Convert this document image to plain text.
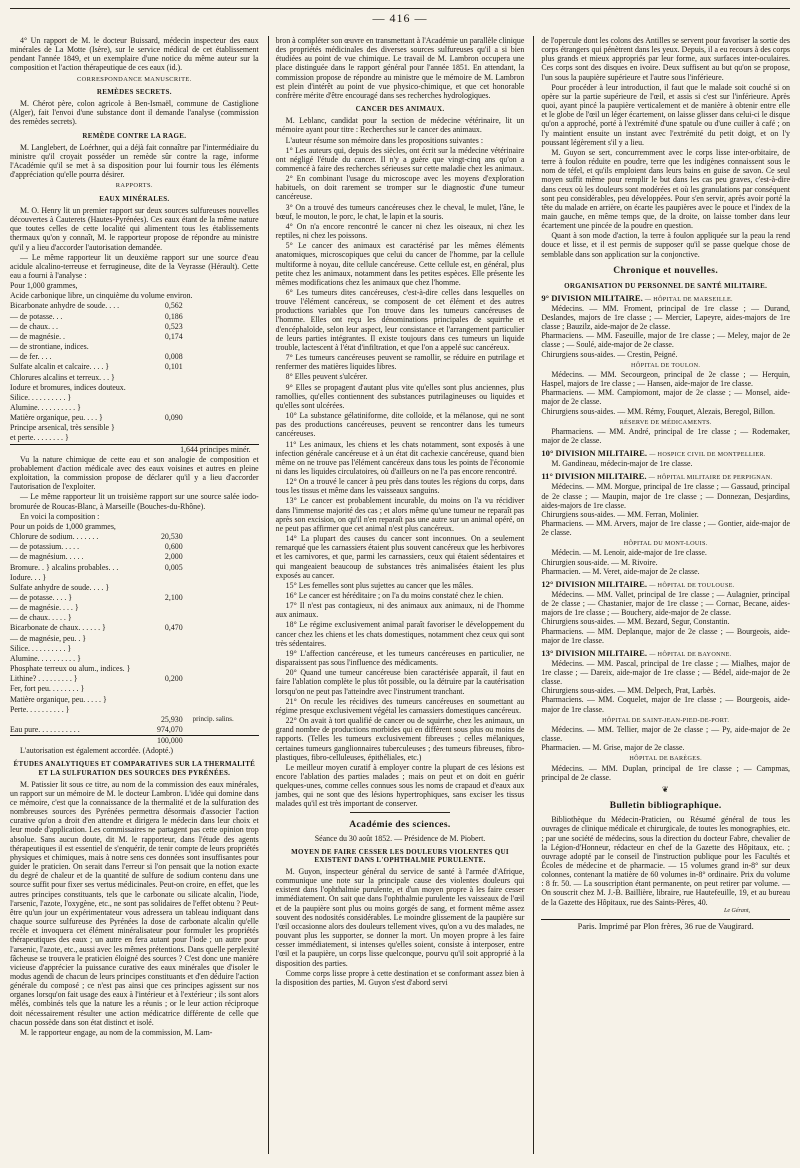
— 416 —

4° Un rapport de M. le docteur Buissard, médecin inspecteur des eaux minérales de La Motte (Isère), sur le service médical de cet établissement pendant l'année 1849, et un exemplaire d'une notice du même auteur sur la composition et l'action thérapeutique de ces eaux (id.).

CORRESPONDANCE MANUSCRITE.
REMÈDES SECRETS.

M. Chérot père, colon agricole à Ben-Ismaël, commune de Castiglione (Alger), fait l'envoi d'une substance dont il demande l'analyse (commission des remèdes secrets).

REMÈDE CONTRE LA RAGE.

M. Langlebert, de Loérhner, qui a déjà fait connaître par l'intermédiaire du ministre qu'il croyait posséder un remède sûr contre la rage, informe l'Académie qu'il se met à sa disposition pour lui fournir tous les éléments d'appréciation qu'elle pourra désirer.

RAPPORTS.
EAUX MINÉRALES.

M. O. Henry lit un premier rapport sur deux sources sulfureuses nouvelles découvertes à Cauterets (Hautes-Pyrénées). Ces eaux étant de la même nature que toutes celles de cette localité qui alimentent tous les établissements thermaux qu'on y connaît, M. le rapporteur propose de répondre au ministre qu'il y a lieu d'accorder l'autorisation demandée.

— Le même rapporteur lit un deuxième rapport sur une source d'eau acidule alcalino-terreuse et ferrugineuse, dite de la Veyrasse (Hérault). Cette eau a fourni à l'analyse :

Pour 1,000 grammes,

Acide carbonique libre, un cinquième du volume environ.
Bicarbonate anhydre de soude. . . .	0,562
— de potasse. . .	0,186
— de chaux. . .	0,523
— de magnésie. .	0,174
— de strontiane, indices.
— de fer. . . .	0,008
Sulfate alcalin et calcaire. . . . }	0,101
Chlorures alcalins et terreux. . . }
Iodure et bromures, indices douteux.
Silice. . . . . . . . . . }
Alumine. . . . . . . . . . }
Matière organique, peu. . . . }	0,090
Principe arsenical, très sensible }
et perte. . . . . . . . }
1,644 principes minér.

Vu la nature chimique de cette eau et son analogie de composition et probablement d'action médicale avec des eaux voisines et autres en pleine exploitation, la commission propose de déclarer qu'il y a lieu d'accorder l'autorisation de l'exploiter.

— Le même rapporteur lit un troisième rapport sur une source salée iodo-bromurée de Roucas-Blanc, à Marseille (Bouches-du-Rhône).

En voici la composition :

Pour un poids de 1,000 grammes,

Chlorure de sodium. . . . . . .	20,530
— de potassium. . . . .	0,600
— de magnésium. . . . .	2,000
Bromure. . } alcalins probables. . .	0,005
Iodure. . . }
Sulfate anhydre de soude. . . . }
— de potasse. . . . }	2,100
— de magnésie. . . . }
— de chaux. . . . . }
Bicarbonate de chaux. . . . . . }	0,470
— de magnésie, peu. . }
Silice. . . . . . . . . . }
Alumine. . . . . . . . . . }
Phosphate terreux ou alum., indices. }
Lithine? . . . . . . . . . }	0,200
Fer, fort peu. . . . . . . . }
Matière organique, peu. . . . . }
Perte. . . . . . . . . . }
25,930	princip. salins.
Eau pure. . . . . . . . . . .	974,070
100,000

L'autorisation est également accordée. (Adopté.)

ÉTUDES ANALYTIQUES ET COMPARATIVES SUR LA THERMALITÉ ET LA SULFURATION DES SOURCES DES PYRÉNÉES.

M. Patissier lit sous ce titre, au nom de la commission des eaux minérales, un rapport sur un mémoire de M. le docteur Lambron. L'idée qui domine dans ce mémoire, c'est que la connaissance de la thermalité et de la sulfuration des nombreuses sources des Pyrénées permettra désormais d'associer l'action curative qu'on a droit d'en attendre et dirigera le médecin dans leur choix et leur mode d'application. Les commissaires ne partagent pas cette opinion trop absolue. Sans aucun doute, dit M. le rapporteur, dans l'étude des agents thérapeutiques il est essentiel de s'enquérir, de tenir compte de leurs propriétés physiques et chimiques, mais à notre sens ces données sont insuffisantes pour guider le praticien. On serait dans l'erreur si l'on pensait que la notion exacte du degré de chaleur et de la quantité de sulfure de sodium contenu dans une source suffit pour fixer ses vertus médicinales. Peut-on croire, en effet, que les autres principes constituants, tels que le carbonate ou silicate alcalin, l'iode, l'arsenic, l'azote, l'oxygène, etc., ne sont pas solidaires de l'effet obtenu ? Peut-être qu'un jour un expérimentateur vous adressera un tableau indiquant dans chaque source sulfureuse des Pyrénées la dose de carbonate alcalin qu'elle recèle et invoquera cet élément minéralisateur pour formuler les propriétés thérapeutiques des eaux ; un autre en fera autant pour l'iode ; un autre pour l'arsenic, l'azote, etc., aussi avec les mêmes prétentions. Dans quelle perplexité fâcheuse se trouvera le praticien éloigné des sources ? C'est donc une manière vicieuse d'apprécier la puissance curative des eaux minérales que d'isoler le modus agendi de chacun de leurs principes constituants et d'en déduire l'action générale du composé ; ce n'est pas ainsi que ces principes agissent sur nos organes lorsqu'on fait usage des eaux à l'intérieur et à l'extérieur ; ils sont alors mêlés, combinés tels que la nature les a réunis ; or le leur action réciproque doit nécessairement résulter une action médicatrice différente de celle que chacun possède dans son état distinct et isolé.

M. le rapporteur engage, au nom de la commission, M. Lam-

bron à compléter son œuvre en transmettant à l'Académie un parallèle clinique des propriétés médicinales des diverses sources sulfureuses qu'il a si bien étudiées au point de vue chimique. Le travail de M. Lambron occupera une place distinguée dans le rapport général pour l'année 1851. En attendant, la commission propose de répondre au ministre que le mémoire de M. Lambron est plein d'intérêt au point de vue physico-chimique, et que cet honorable confrère mérite d'être encouragé dans ses recherches hydrologiques.

CANCER DES ANIMAUX.

M. Leblanc, candidat pour la section de médecine vétérinaire, lit un mémoire ayant pour titre : Recherches sur le cancer des animaux.

L'auteur résume son mémoire dans les propositions suivantes :

1° Les auteurs qui, depuis des siècles, ont écrit sur la médecine vétérinaire ont négligé l'étude du cancer. Il n'y a guère que vingt-cinq ans qu'on a commencé à faire des recherches sérieuses sur cette maladie chez les animaux.

2° En combinant l'usage du microscope avec les moyens d'exploration habituels, on doit rarement se tromper sur le diagnostic d'une tumeur cancéreuse.

3° On a trouvé des tumeurs cancéreuses chez le cheval, le mulet, l'âne, le bœuf, le mouton, le porc, le chat, le lapin et la souris.

4° On n'a encore rencontré le cancer ni chez les oiseaux, ni chez les reptiles, ni chez les poissons.

5° Le cancer des animaux est caractérisé par les mêmes éléments anatomiques, microscopiques que celui du cancer de l'homme, par la cellule multiforme à noyau, dite cellule cancéreuse. Cette cellule est, en général, plus petite chez les animaux, notamment dans les petites espèces. Elle présente les mêmes modifications chez les animaux que chez l'homme.

6° Les tumeurs dites cancéreuses, c'est-à-dire celles dans lesquelles on trouve l'élément cancéreux, se composent de cet élément et des autres productions variables que l'on trouve dans les tumeurs cancéreuses de l'homme. Elles ont reçu les dénominations principales de squirrhe et d'encéphaloïde, selon leur aspect, leur consistance et l'arrangement particulier de leurs parties intégrantes. Il existe toujours dans ces tumeurs un liquide trouble, lactescent à l'état d'infiltration, et que l'on a appelé suc cancéreux.

7° Les tumeurs cancéreuses peuvent se ramollir, se réduire en putrilage et renfermer des matières liquides libres.

8° Elles peuvent s'ulcérer.

9° Elles se propagent d'autant plus vite qu'elles sont plus anciennes, plus ramollies, qu'elles contiennent des substances putrilagineuses ou liquides et qu'elles sont ulcérées.

10° La substance gélatiniforme, dite colloïde, et la mélanose, qui ne sont pas des productions cancéreuses, peuvent se rencontrer dans les tumeurs cancéreuses.

11° Les animaux, les chiens et les chats notamment, sont exposés à une infection générale cancéreuse et à un état dit cachexie cancéreuse, quand bien même on ne trouve pas l'élément cancéreux dans tous les points de l'économie ni dans les liquides circulatoires, où d'ailleurs on ne l'a pas encore rencontré.

12° On a trouvé le cancer à peu près dans toutes les régions du corps, dans tous les tissus et même dans les vaisseaux sanguins.

13° Le cancer est probablement incurable, du moins on l'a vu récidiver dans l'immense majorité des cas ; et alors même qu'une tumeur ne reparaît pas après son excision, on qu'il n'en reparaît pas une autre sur un animal opéré, on ne peut pas affirmer que cet animal n'est plus cancéreux.

14° La plupart des causes du cancer sont inconnues. On a seulement remarqué que les carnassiers étaient plus souvent cancéreux que les herbivores et les carnivores, et que, parmi les carnassiers, ceux qui étaient sédentaires et qui mangeaient beaucoup de substances très animalisées étaient les plus exposés au cancer.

15° Les femelles sont plus sujettes au cancer que les mâles.

16° Le cancer est héréditaire ; on l'a du moins constaté chez le chien.

17° Il n'est pas contagieux, ni des animaux aux animaux, ni de l'homme aux animaux.

18° Le régime exclusivement animal paraît favoriser le développement du cancer chez les chiens et les chats domestiques, notamment chez ceux qui sont très sédentaires.

19° L'affection cancéreuse, et les tumeurs cancéreuses en particulier, ne disparaissent pas sous l'influence des médicaments.

20° Quand une tumeur cancéreuse bien caractérisée apparaît, il faut en faire l'ablation complète le plus tôt possible, ou la détruire par la cautérisation lorsqu'on ne peut pas l'atteindre avec l'instrument tranchant.

21° On recule les récidives des tumeurs cancéreuses en soumettant au régime presque exclusivement végétal les carnassiers domestiques cancéreux.

22° On avait à tort qualifié de cancer ou de squirrhe, chez les animaux, un grand nombre de productions morbides qui en diffèrent sous plus ou moins de rapports. (Telles les tumeurs exclusivement fibreuses ; celles mélaniques, certaines tumeurs ganglionnaires tuberculeuses ; des tumeurs fibreuses, fibro-plastiques, fibro-celluleuses, épithéliales, etc.)

Le meilleur moyen curatif à employer contre la plupart de ces lésions est encore l'ablation des parties malades ; mais on peut et on doit en guérir quelques-unes, comme celles connues sous les noms de crapaud et d'eaux aux jambes, qui ne sont que des lésions hypertrophiques, sans exciser les tissus malades qu'il est très important de conserver.

Académie des sciences.

Séance du 30 août 1852. — Présidence de M. Piobert.

MOYEN DE FAIRE CESSER LES DOULEURS VIOLENTES QUI EXISTENT DANS L'OPHTHALMIE PURULENTE.

M. Guyon, inspecteur général du service de santé à l'armée d'Afrique, communique une note sur la principale cause des violentes douleurs qui existent dans l'ophthalmie purulente, et d'un moyen propre à les faire cesser immédiatement. On sait que dans l'ophthalmie purulente les vaisseaux de l'œil et de la paupière sont plus ou moins gorgés de sang, et forment même assez souvent des nodosités considérables. Le moindre glissement de la paupière sur l'œil occasionne alors des douleurs tellement vives, qu'on a vu des malades, ne pouvant plus les supporter, se donner la mort. Un moyen propre à les faire cesser immédiatement, si intenses qu'elles soient, consiste à interposer, entre l'œil et la paupière, un corps lisse quelconque, pourvu qu'il soit approprié à la disposition des parties.

Comme corps lisse propre à cette destination et se conformant assez bien à la disposition des parties, M. Guyon s'est d'abord servi

de l'opercule dont les colons des Antilles se servent pour favoriser la sortie des corps étrangers qui pénètrent dans les yeux. Depuis, il a eu recours à des corps plus grands et mieux appropriés par leur forme, aux surfaces inter-oculaires. Ces corps sont des disques en ivoire. Deux suffisent au but qu'on se propose, l'un sous la paupière supérieure et l'autre sous l'inférieure.

Pour procéder à leur introduction, il faut que le malade soit couché si on opère sur la partie supérieure de l'œil, et assis si c'est sur l'inférieure. Après quoi, ayant pincé la paupière verticalement et de manière à obtenir entre elle et le globe de l'œil un léger écartement, on laisse glisser dans celui-ci le disque qu'on a approché, porté à l'extrémité d'une spatule ou d'une cuiller à café ; on l'y maintient ensuite un instant avec l'extrémité du petit doigt, et on l'y poussant légèrement s'il y a lieu.

M. Guyon se sert, concurremment avec le corps lisse inter-orbitaire, de terre à foulon réduite en poudre, terre que les indigènes connaissent sous le nom de téfel, et qu'ils emploient dans leurs bains en guise de savon. Ce seul moyen suffit même pour remplir le but dans les cas peu graves, c'est-à-dire dans ceux où les douleurs sont modérées et où les granulations par conséquent sont peu considérables, peu développées. Pour s'en servir, après avoir porté la tête du malade en arrière, on écarte les paupières avec le pouce et l'index de la main gauche, en même temps que, de la droite, on laisse tomber dans leur écartement une pincée de la poudre en question.

Quant à son mode d'action, la terre à foulon appliquée sur la peau la rend douce et lisse, et il est permis de supposer qu'il se passe quelque chose de semblable dans son application sur la conjonctive.

Chronique et nouvelles.
ORGANISATION DU PERSONNEL DE SANTÉ MILITAIRE.
9° DIVISION MILITAIRE. — HÔPITAL DE MARSEILLE.

Médecins. — MM. Froment, principal de 1re classe ; — Durand, Deslandes, majors de 1re classe ; — Mercier, Lapeyre, aides-majors de 1re classe ; Bauzilz, aide-major de 2e classe.
Pharmaciens. — MM. Faseuille, major de 1re classe ; — Meley, major de 2e classe ; — Soulé, aide-major de 2e classe.
Chirurgiens sous-aides. — Crestin, Peigné.

HÔPITAL DE TOULON.

Médecins. — MM. Secourgeon, principal de 2e classe ; — Herquin, Haspel, majors de 1re classe ; — Hansen, aide-major de 1re classe.
Pharmaciens. — MM. Campiomont, major de 2e classe ; — Monsel, aide-major de 2e classe.
Chirurgiens sous-aides. — MM. Rémy, Fouquet, Alezais, Beregol, Billon.

RÉSERVE DE MÉDICAMENTS.

Pharmaciens. — MM. André, principal de 1re classe ; — Rodemaker, major de 2e classe.

10° DIVISION MILITAIRE. — HOSPICE CIVIL DE MONTPELLIER.

M. Gandineau, médecin-major de 1re classe.

11° DIVISION MILITAIRE. — HÔPITAL MILITAIRE DE PERPIGNAN.

Médecins. — MM. Morgue, principal de 1re classe ; — Gassaud, principal de 2e classe ; — Maupin, major de 1re classe ; — Donnezan, Desjardins, aides-majors de 1re classe.
Chirurgiens sous-aides. — MM. Ferran, Molinier.
Pharmaciens. — MM. Arvers, major de 1re classe ; — Gontier, aide-major de 2e classe.

HÔPITAL DU MONT-LOUIS.

Médecin. — M. Lenoir, aide-major de 1re classe.
Chirurgien sous-aide. — M. Rivoire.
Pharmacien. — M. Veret, aide-major de 2e classe.

12° DIVISION MILITAIRE. — HÔPITAL DE TOULOUSE.

Médecins. — MM. Vallet, principal de 1re classe ; — Aulagnier, principal de 2e classe ; — Chastanier, major de 1re classe ; — Cornac, Becane, aides-majors de 1re classe ; — Bouchery, aide-major de 2e classe.
Chirurgiens sous-aides. — MM. Bezard, Segur, Constantin.
Pharmaciens. — MM. Deplanque, major de 2e classe ; — Bourgeois, aide-major de 1re classe.

13° DIVISION MILITAIRE. — HÔPITAL DE BAYONNE.

Médecins. — MM. Pascal, principal de 1re classe ; — Mialhes, major de 1re classe ; — Dareix, aide-major de 1re classe ; — Bédel, aide-major de 2e classe.
Chirurgiens sous-aides. — MM. Delpech, Prat, Larbès.
Pharmaciens. — MM. Coquelet, major de 1re classe ; — Bourgeois, aide-major de 1re classe.

HÔPITAL DE SAINT-JEAN-PIED-DE-PORT.

Médecins. — MM. Tellier, major de 2e classe ; — Py, aide-major de 2e classe.
Pharmacien. — M. Grise, major de 2e classe.

HÔPITAL DE BARÈGES.

Médecins. — MM. Duplan, principal de 1re classe ; — Campmas, principal de 2e classe.

❦
Bulletin bibliographique.

Bibliothèque du Médecin-Praticien, ou Résumé général de tous les ouvrages de clinique médicale et chirurgicale, de toutes les monographies, etc. ; par une société de médecins, sous la direction du docteur Fabre, chevalier de la Légion-d'Honneur, rédacteur en chef de la Gazette des Hôpitaux, etc. ; ouvrage adopté par le conseil de l'instruction publique pour les Facultés et Écoles de médecine et de pharmacie. — 15 volumes grand in-8° sur deux colonnes, contenant la matière de 60 volumes in-8° ordinaire. Prix du volume : 8 fr. 50. — La souscription étant permanente, on peut retirer par volume. — On souscrit chez M. J.-B. Baillière, libraire, rue Hautefeuille, 19, et au bureau de la Gazette des Hôpitaux, rue des Saints-Pères, 40.

Le Gérant,
Paris. Imprimé par Plon frères, 36 rue de Vaugirard.
